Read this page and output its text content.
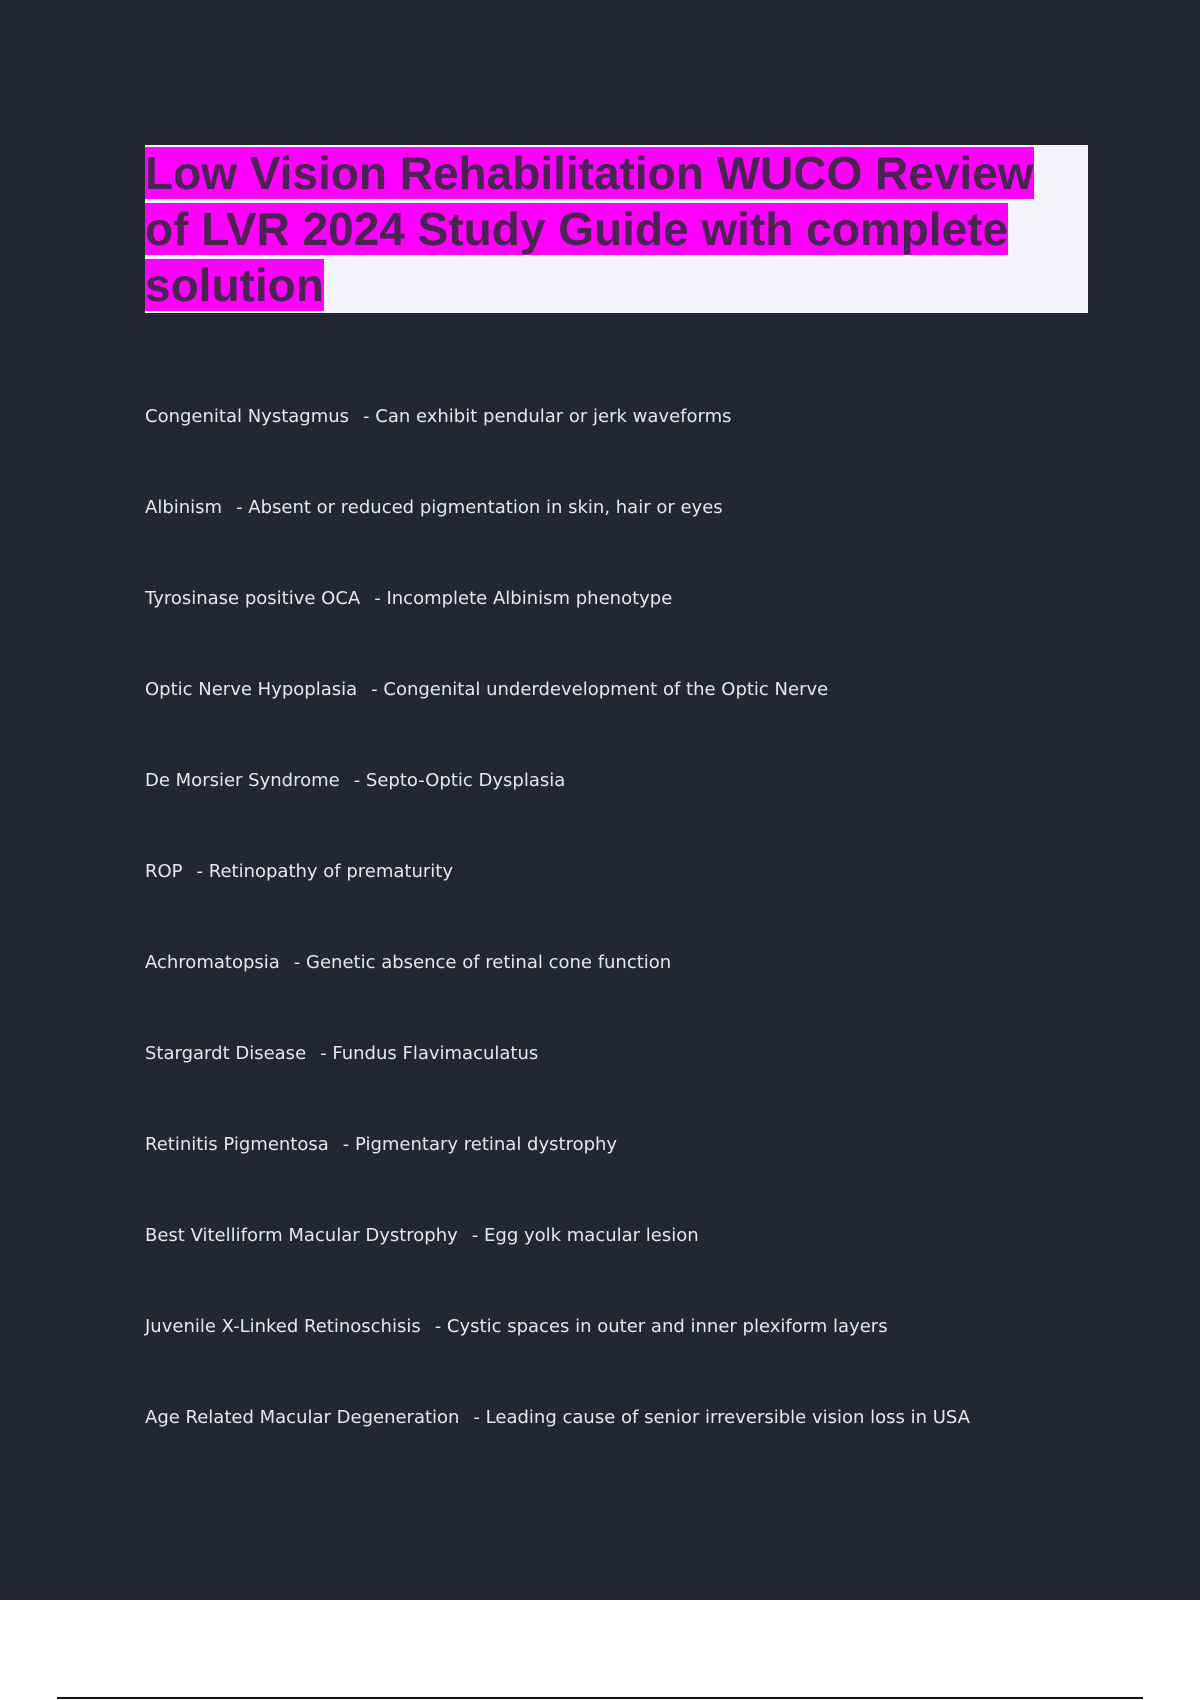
Low Vision Rehabilitation WUCO Review of LVR 2024 Study Guide with complete solution
Congenital Nystagmus - Can exhibit pendular or jerk waveforms
Albinism - Absent or reduced pigmentation in skin, hair or eyes
Tyrosinase positive OCA - Incomplete Albinism phenotype
Optic Nerve Hypoplasia - Congenital underdevelopment of the Optic Nerve
De Morsier Syndrome - Septo-Optic Dysplasia
ROP - Retinopathy of prematurity
Achromatopsia - Genetic absence of retinal cone function
Stargardt Disease - Fundus Flavimaculatus
Retinitis Pigmentosa - Pigmentary retinal dystrophy
Best Vitelliform Macular Dystrophy - Egg yolk macular lesion
Juvenile X-Linked Retinoschisis - Cystic spaces in outer and inner plexiform layers
Age Related Macular Degeneration - Leading cause of senior irreversible vision loss in USA
